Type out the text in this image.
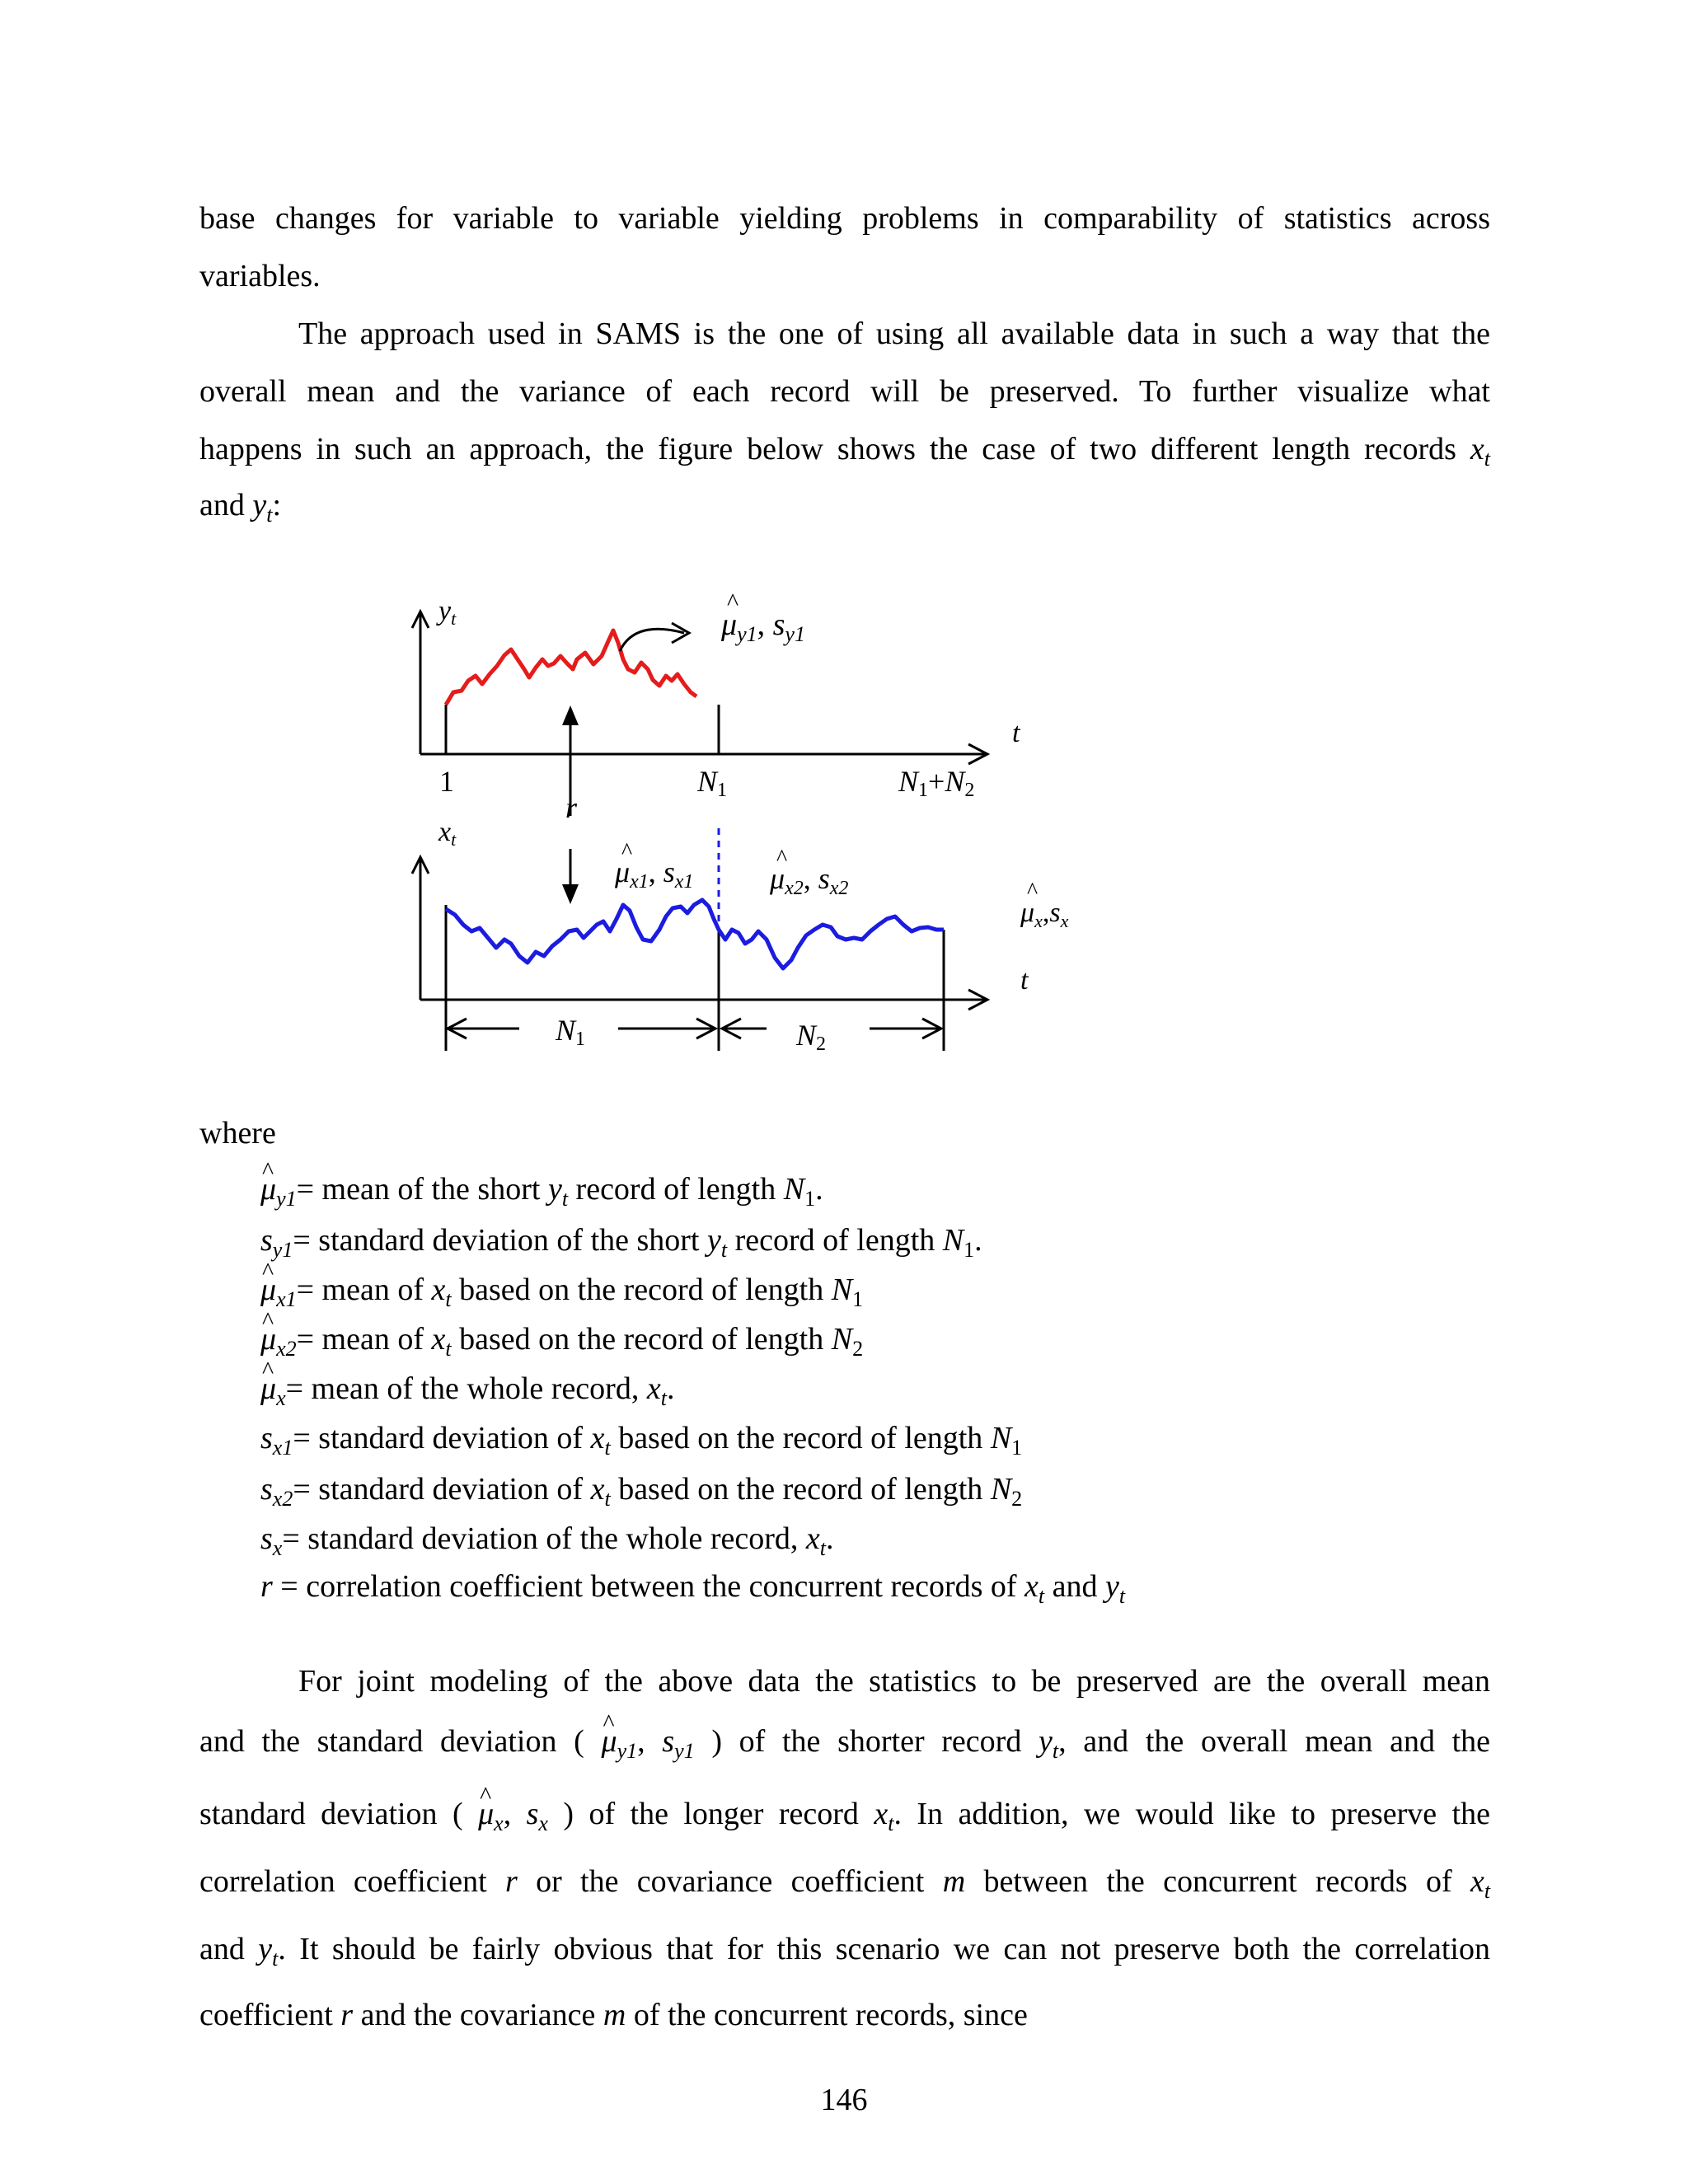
base changes for variable to variable yielding problems in comparability of statistics across
variables.
The approach used in SAMS is the one of using all available data in such a way that the
overall mean and the variance of each record will be preserved. To further visualize what
happens in such an approach, the figure below shows the case of two different length records $x_t$
and $y_t$:
yt
^
$\mu_{y1}$, $s_{y1}$
t
1	N1	N1+N2
r
xt	^
μx1, sx1
^
μx2, sx2	^
$\mu_x,s_x$
t
N1	N2
where
^ $\mu_{y1}=$ mean of the short $y_t$ record of length $N_1$.
$s_{y1}=$ standard deviation of the short $y_t$ record of length $N_1$.
^ $\mu_{x1}=$ mean of $x_t$ based on the record of length $N_1$
^ $\mu_{x2}=$ mean of $x_t$ based on the record of length $N_2$
^ $\mu_x=$ mean of the whole record, $x_t$.
$s_{x1}=$ standard deviation of $x_t$ based on the record of length $N_1$
$s_{x2}=$ standard deviation of $x_t$ based on the record of length $N_2$
$s_x=$ standard deviation of the whole record, $x_t$.
r = correlation coefficient between the concurrent records of $x_t$ and $y_t$
For joint modeling of the above data the statistics to be preserved are the overall mean
and the standard deviation ( ^ $\mu_{y1}$, $s_{y1}$ ) of the shorter record $y_t$, and the overall mean and the
standard deviation ( ^ $\mu_x$, $s_x$ ) of the longer record $x_t$. In addition, we would like to preserve the
correlation coefficient r or the covariance coefficient m between the concurrent records of $x_t$
and $y_t$. It should be fairly obvious that for this scenario we can not preserve both the correlation
coefficient r and the covariance m of the concurrent records, since
146
